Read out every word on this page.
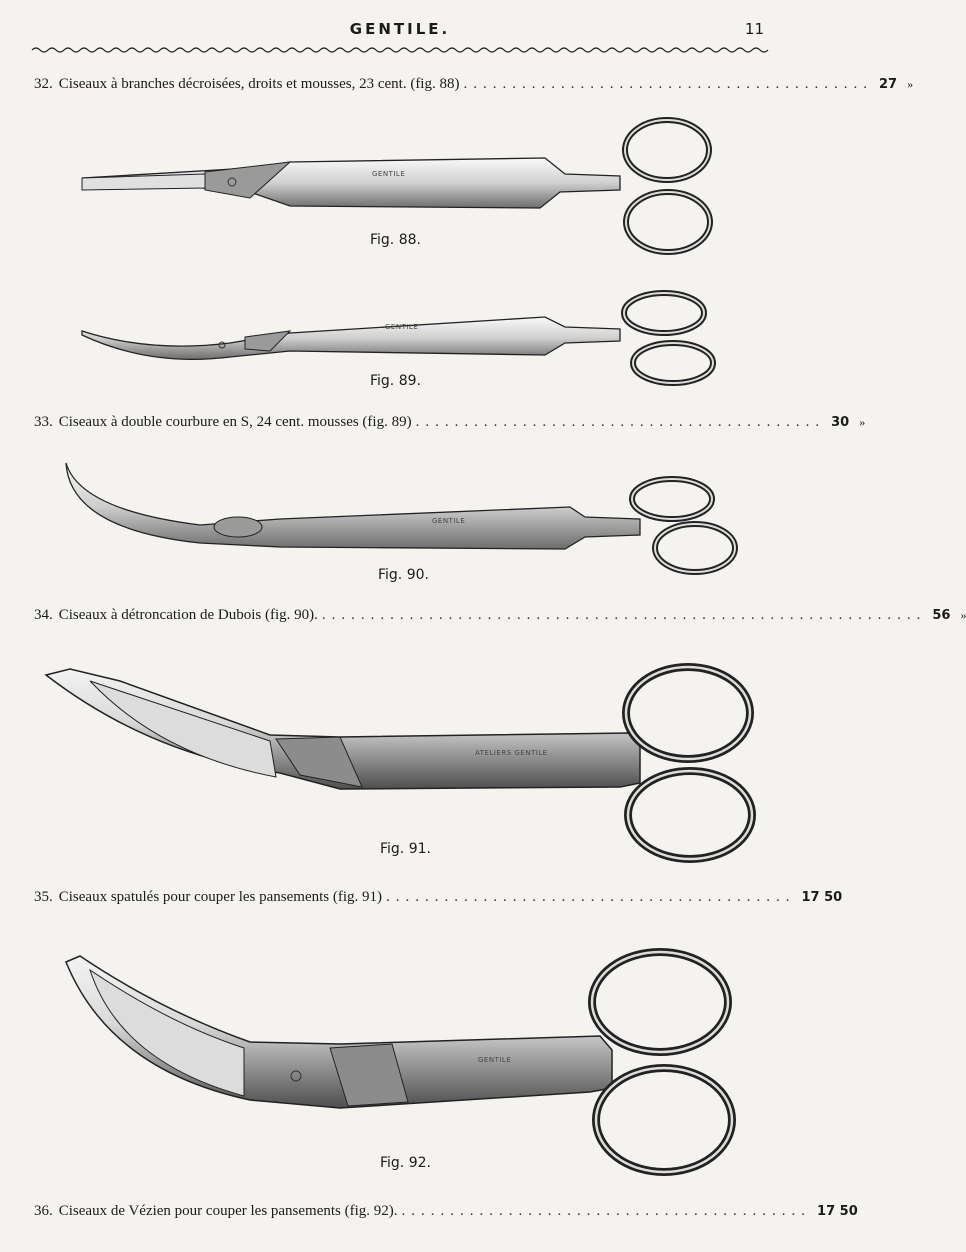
GENTILE.	11
32. Ciseaux à branches décroisées, droits et mousses, 23 cent. (fig. 88) .......................................... 27 »
GENTILE
Fig. 88.
GENTILE
Fig. 89.
33. Ciseaux à double courbure en S, 24 cent. mousses (fig. 89) .......................................... 30 »
GENTILE
Fig. 90.
34. Ciseaux à détroncation de Dubois (fig. 90). .............................................................. 56 »
ATELIERS GENTILE
Fig. 91.
35. Ciseaux spatulés pour couper les pansements (fig. 91) .......................................... 17 50
GENTILE
Fig. 92.
36. Ciseaux de Vézien pour couper les pansements (fig. 92). .......................................... 17 50
